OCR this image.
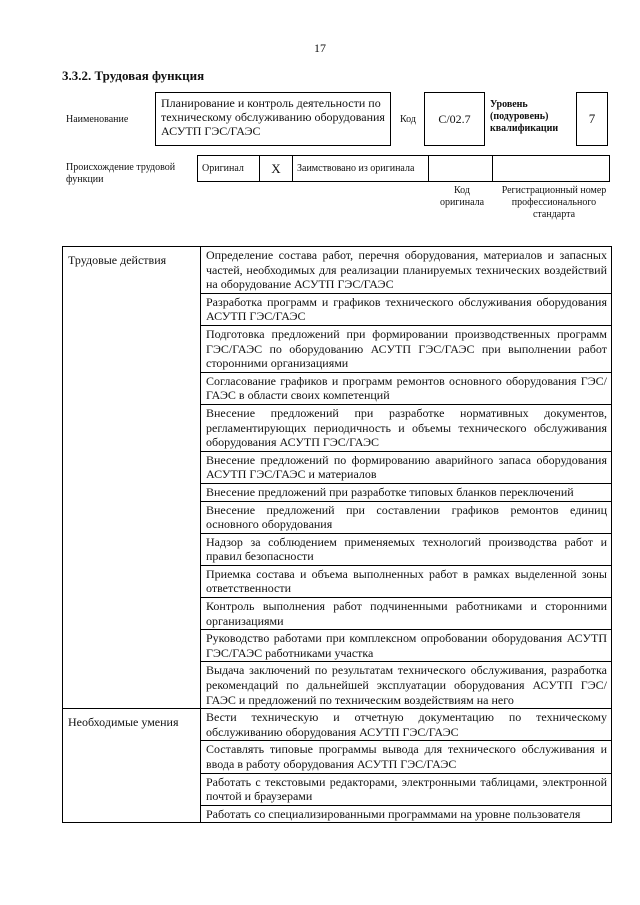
17
3.3.2. Трудовая функция
Наименование
Планирование и контроль деятельности по техническому обслуживанию оборудования АСУТП ГЭС/ГАЭС
Код	С/02.7
Уровень (подуровень) квалификации
7
Происхождение трудовой функции
Оригинал	X	Заимствовано из оригинала		
Код оригинала
Регистрационный номер профессионального стандарта
Трудовые действия	Определение состава работ, перечня оборудования, материалов и запасных частей, необходимых для реализации планируемых технических воздействий на оборудование АСУТП ГЭС/ГАЭС
	Разработка программ и графиков технического обслуживания оборудования АСУТП ГЭС/ГАЭС
	Подготовка предложений при формировании производственных программ ГЭС/ГАЭС по оборудованию АСУТП ГЭС/ГАЭС при выполнении работ сторонними организациями
	Согласование графиков и программ ремонтов основного оборудования ГЭС/ГАЭС в области своих компетенций
	Внесение предложений при разработке нормативных документов, регламентирующих периодичность и объемы технического обслуживания оборудования АСУТП ГЭС/ГАЭС
	Внесение предложений по формированию аварийного запаса оборудования АСУТП ГЭС/ГАЭС и материалов
	Внесение предложений при разработке типовых бланков переключений
	Внесение предложений при составлении графиков ремонтов единиц основного оборудования
	Надзор за соблюдением применяемых технологий производства работ и правил безопасности
	Приемка состава и объема выполненных работ в рамках выделенной зоны ответственности
	Контроль выполнения работ подчиненными работниками и сторонними организациями
	Руководство работами при комплексном опробовании оборудования АСУТП ГЭС/ГАЭС работниками участка
	Выдача заключений по результатам технического обслуживания, разработка рекомендаций по дальнейшей эксплуатации оборудования АСУТП ГЭС/ГАЭС и предложений по техническим воздействиям на него
Необходимые умения	Вести техническую и отчетную документацию по техническому обслуживанию оборудования АСУТП ГЭС/ГАЭС
	Составлять типовые программы вывода для технического обслуживания и ввода в работу оборудования АСУТП ГЭС/ГАЭС
	Работать с текстовыми редакторами, электронными таблицами, электронной почтой и браузерами
	Работать со специализированными программами на уровне пользователя
